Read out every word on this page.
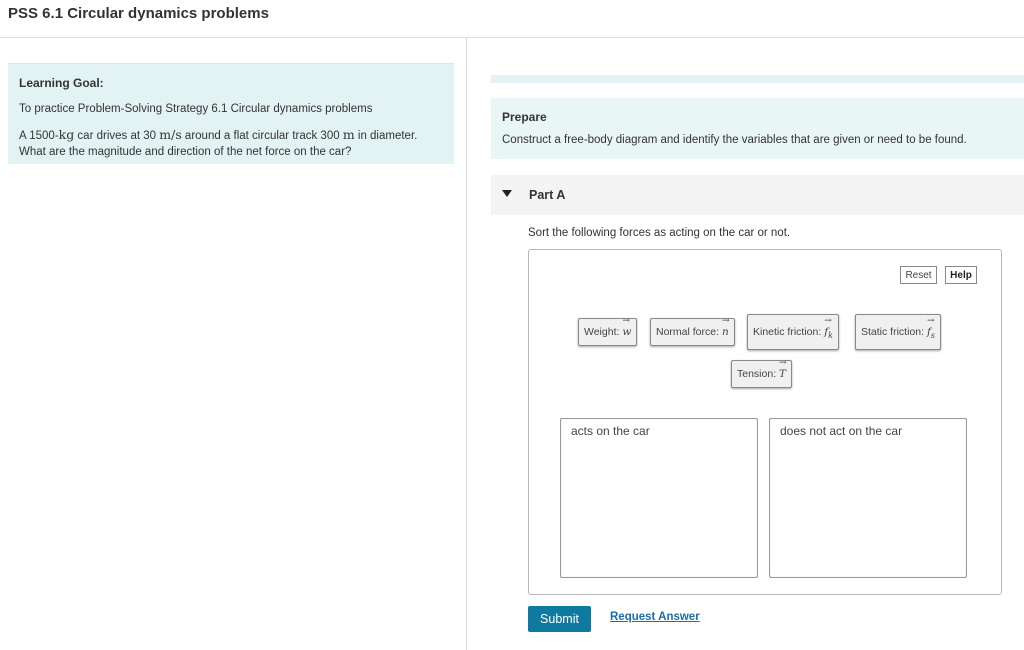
PSS 6.1 Circular dynamics problems
Learning Goal:
To practice Problem-Solving Strategy 6.1 Circular dynamics problems
A 1500-kg car drives at 30 m/s around a flat circular track 300 m in diameter.
What are the magnitude and direction of the net force on the car?
Prepare
Construct a free-body diagram and identify the variables that are given or need to be found.
Part A
Sort the following forces as acting on the car or not.
Reset	Help
Weight: → w	Normal force: → n	Kinetic friction: → $f_k$	Static friction: → $f_s$
Tension: → T
acts on the car	does not act on the car
Submit	Request Answer
